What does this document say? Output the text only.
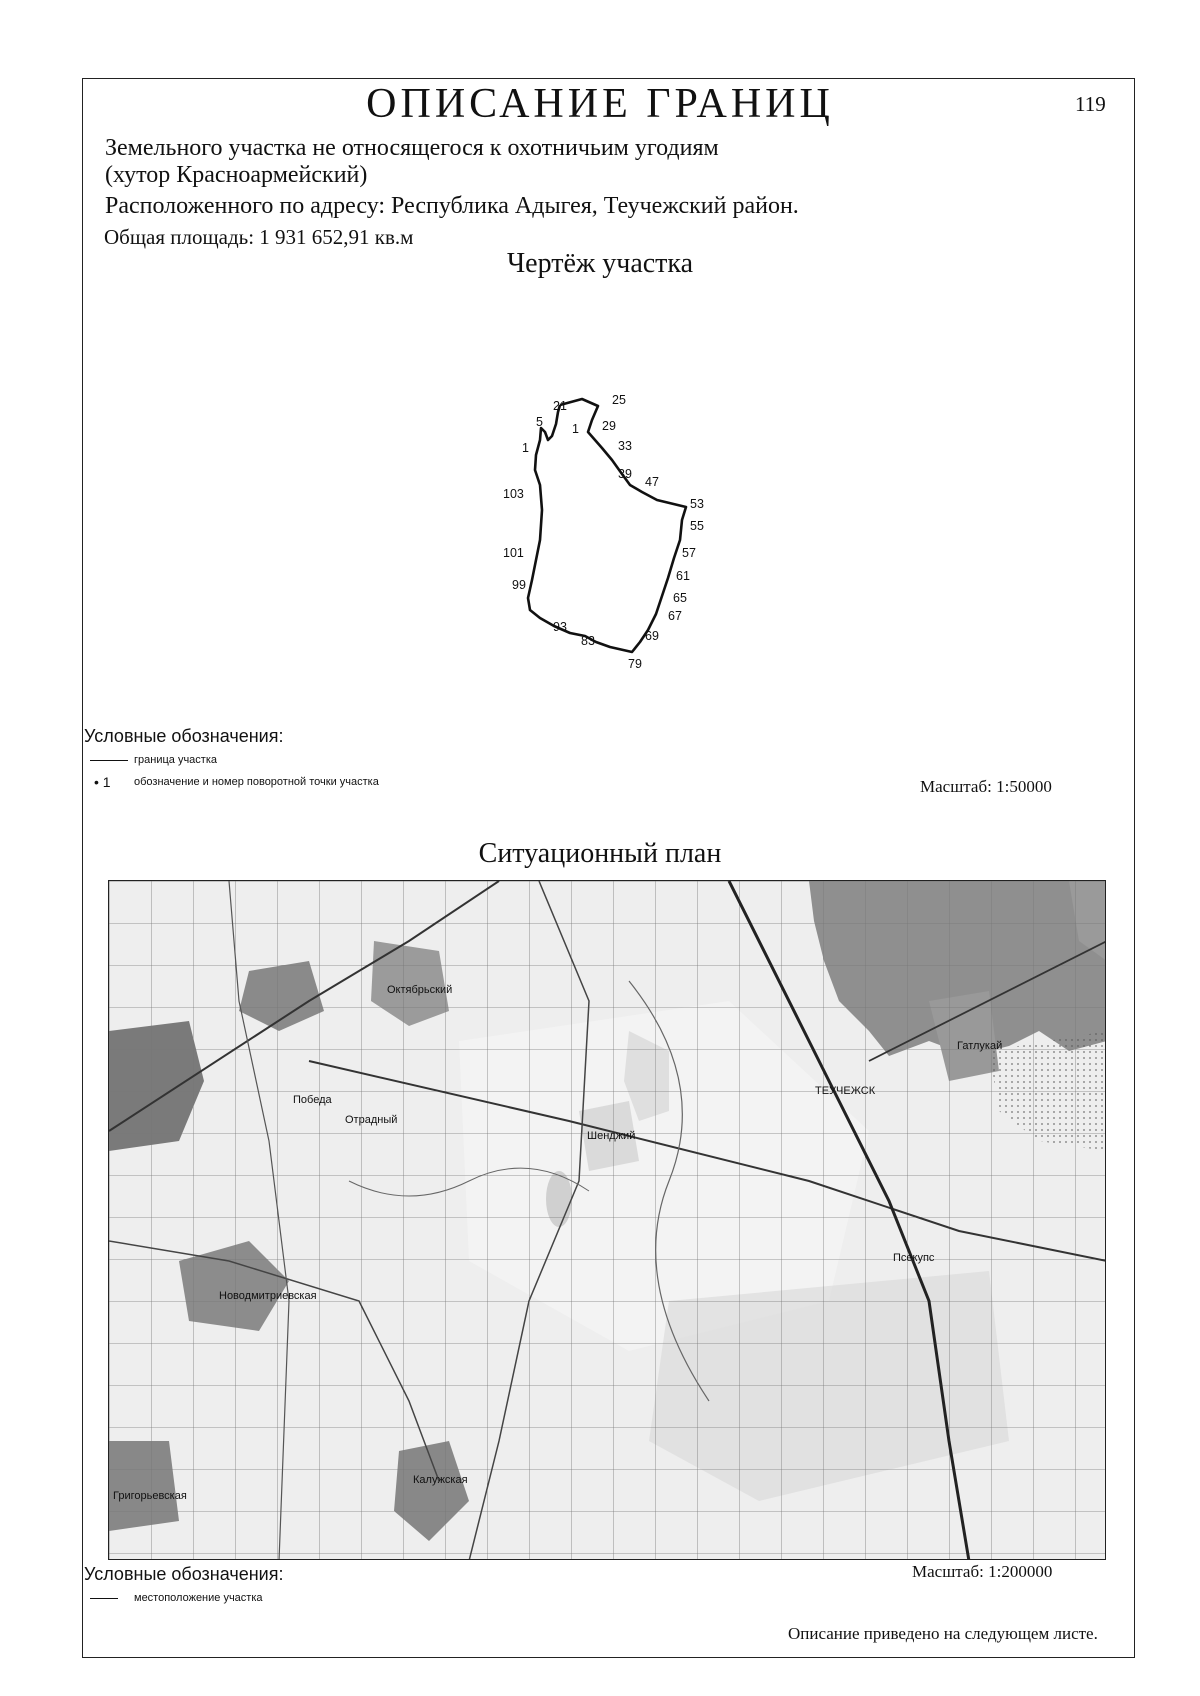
ОПИСАНИЕ ГРАНИЦ	119
Земельного участка не относящегося к охотничьим угодиям
(хутор Красноармейский)
Расположенного по адресу: Республика Адыгея, Теучежский район.
Общая площадь: 1 931 652,91 кв.м
Чертёж участка
21	25
5
1
29
1
33
39
47
103
53
55
101	57
61
99
65
67
93
69
83
79
Условные обозначения:
граница участка
• 1 обозначение и номер поворотной точки участка	Масштаб: 1:50000
Ситуационный план
ТЕУЧЕЖСК
Октябрьский
Шенджий
Новодмитриевская
Гатлукай
Псекупс
Отрадный
Победа
Григорьевская
Калужская
Условные обозначения:
местоположение участка
Масштаб: 1:200000
Описание приведено на следующем листе.
